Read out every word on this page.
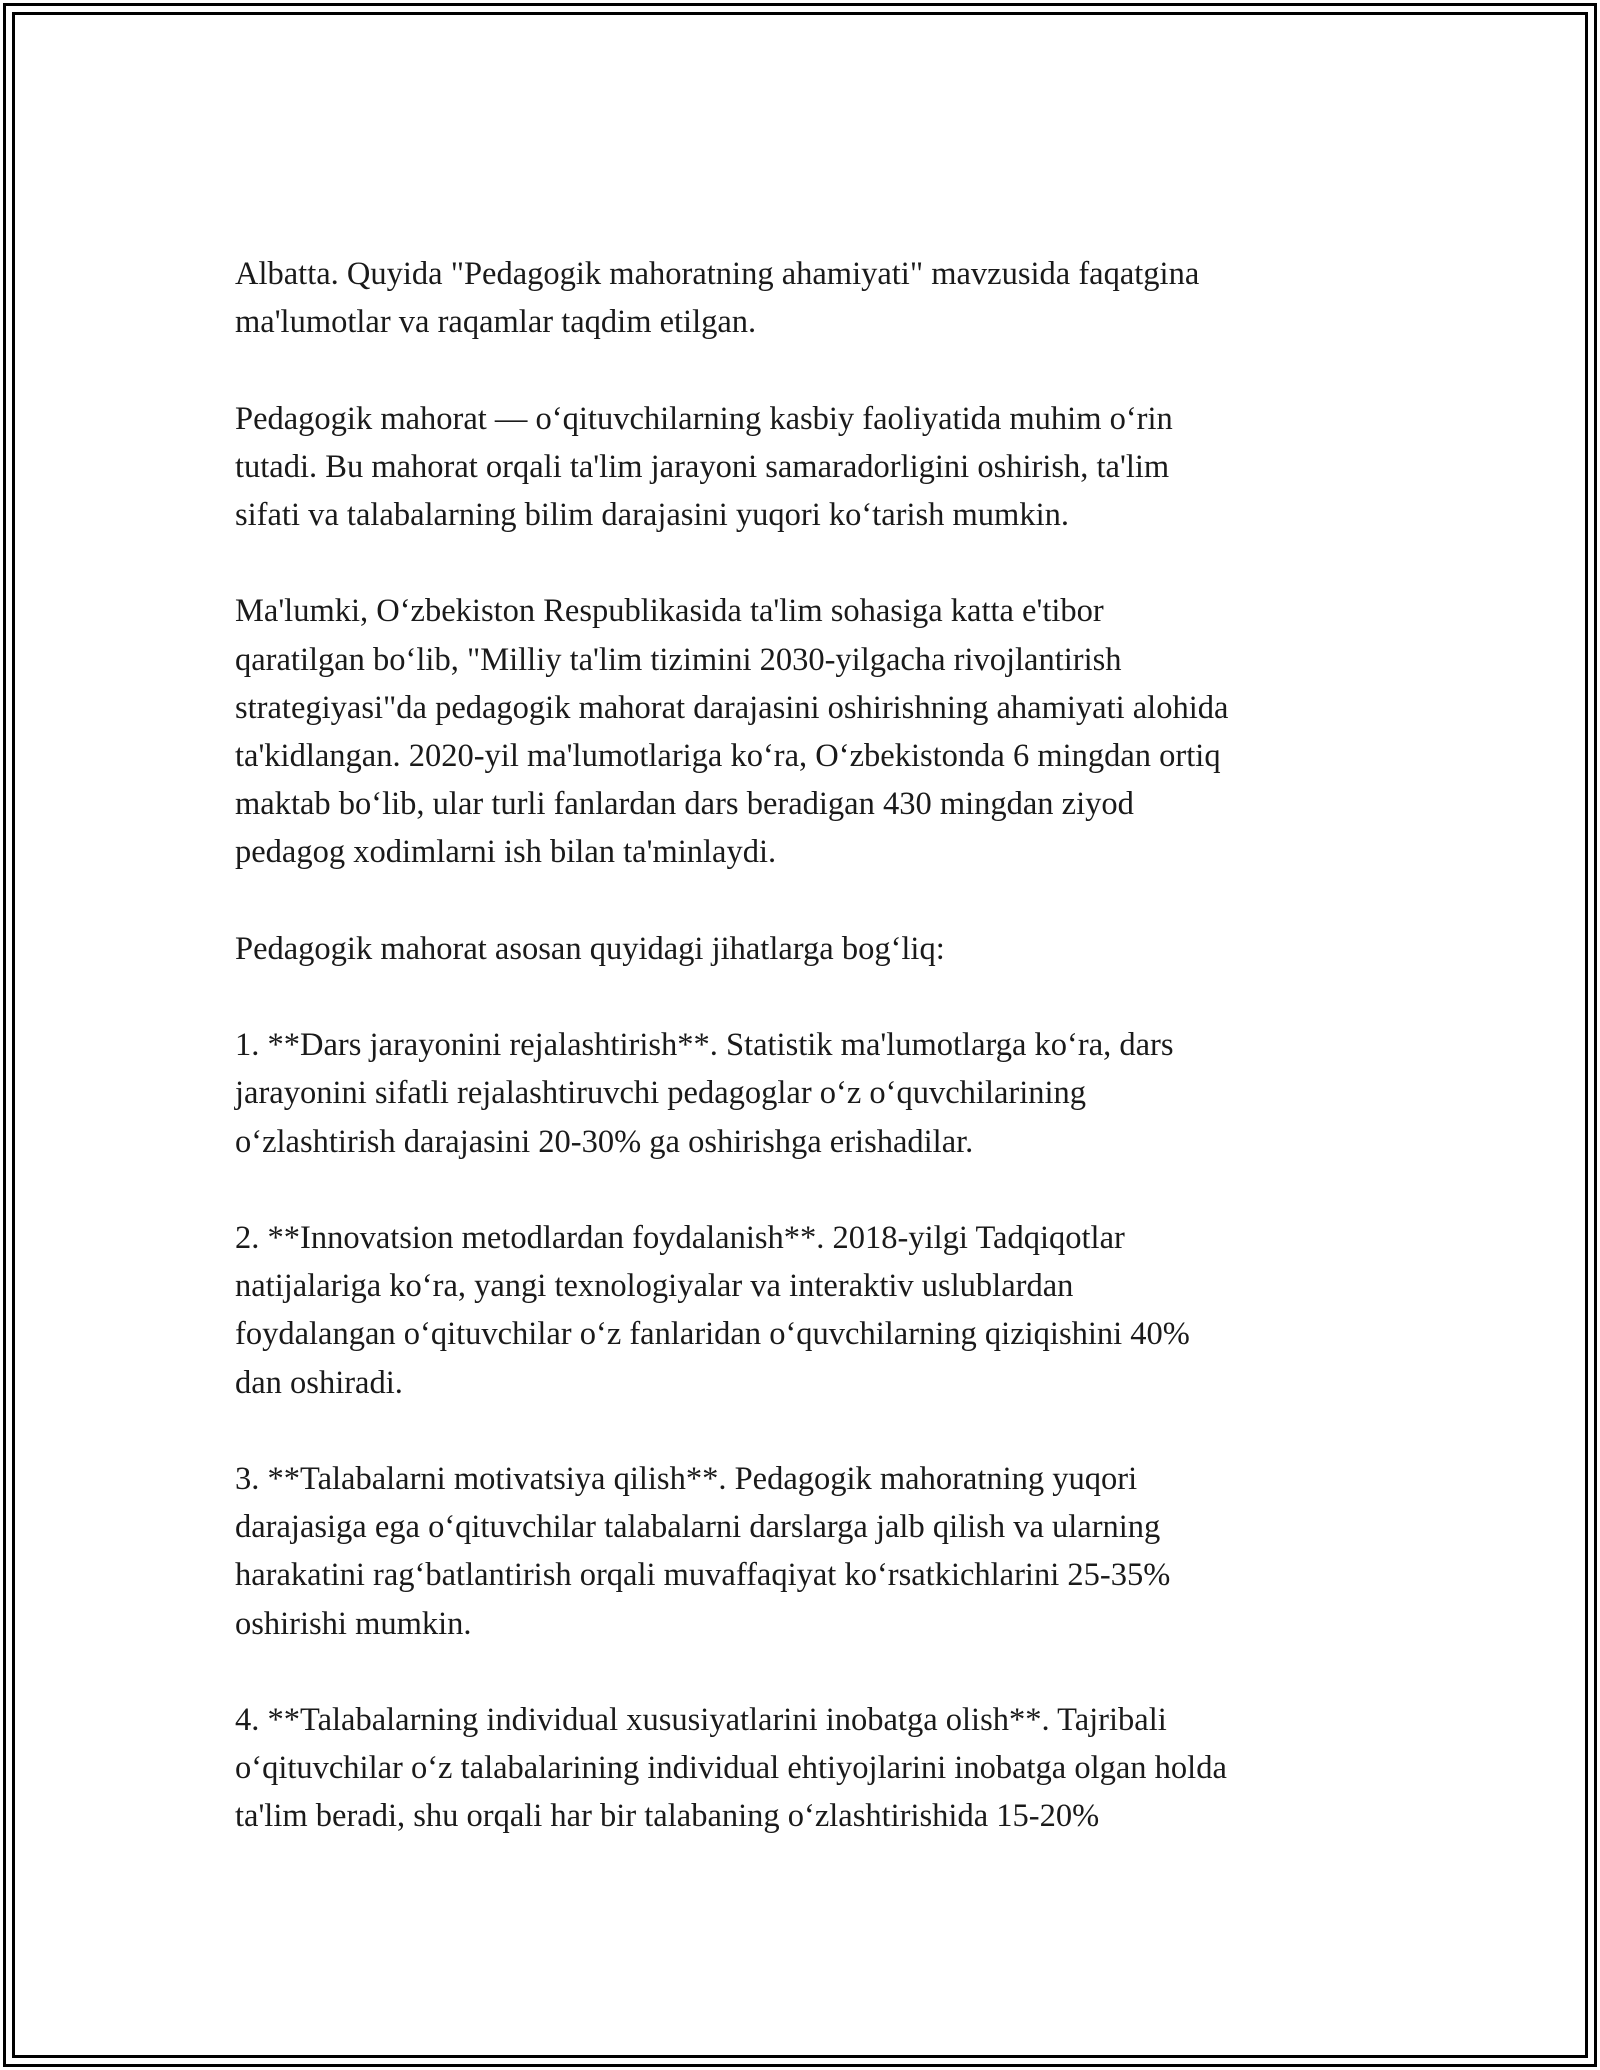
Albatta. Quyida "Pedagogik mahoratning ahamiyati" mavzusida faqatgina
ma'lumotlar va raqamlar taqdim etilgan.

Pedagogik mahorat — oʻqituvchilarning kasbiy faoliyatida muhim oʻrin
tutadi. Bu mahorat orqali ta'lim jarayoni samaradorligini oshirish, ta'lim
sifati va talabalarning bilim darajasini yuqori koʻtarish mumkin.

Ma'lumki, Oʻzbekiston Respublikasida ta'lim sohasiga katta e'tibor
qaratilgan boʻlib, "Milliy ta'lim tizimini 2030-yilgacha rivojlantirish
strategiyasi"da pedagogik mahorat darajasini oshirishning ahamiyati alohida
ta'kidlangan. 2020-yil ma'lumotlariga koʻra, Oʻzbekistonda 6 mingdan ortiq
maktab boʻlib, ular turli fanlardan dars beradigan 430 mingdan ziyod
pedagog xodimlarni ish bilan ta'minlaydi.

Pedagogik mahorat asosan quyidagi jihatlarga bogʻliq:

1. **Dars jarayonini rejalashtirish**. Statistik ma'lumotlarga koʻra, dars
jarayonini sifatli rejalashtiruvchi pedagoglar oʻz oʻquvchilarining
oʻzlashtirish darajasini 20-30% ga oshirishga erishadilar.

2. **Innovatsion metodlardan foydalanish**. 2018-yilgi Tadqiqotlar
natijalariga koʻra, yangi texnologiyalar va interaktiv uslublardan
foydalangan oʻqituvchilar oʻz fanlaridan oʻquvchilarning qiziqishini 40%
dan oshiradi.

3. **Talabalarni motivatsiya qilish**. Pedagogik mahoratning yuqori
darajasiga ega oʻqituvchilar talabalarni darslarga jalb qilish va ularning
harakatini ragʻbatlantirish orqali muvaffaqiyat koʻrsatkichlarini 25-35%
oshirishi mumkin.

4. **Talabalarning individual xususiyatlarini inobatga olish**. Tajribali
oʻqituvchilar oʻz talabalarining individual ehtiyojlarini inobatga olgan holda
ta'lim beradi, shu orqali har bir talabaning oʻzlashtirishida 15-20%
